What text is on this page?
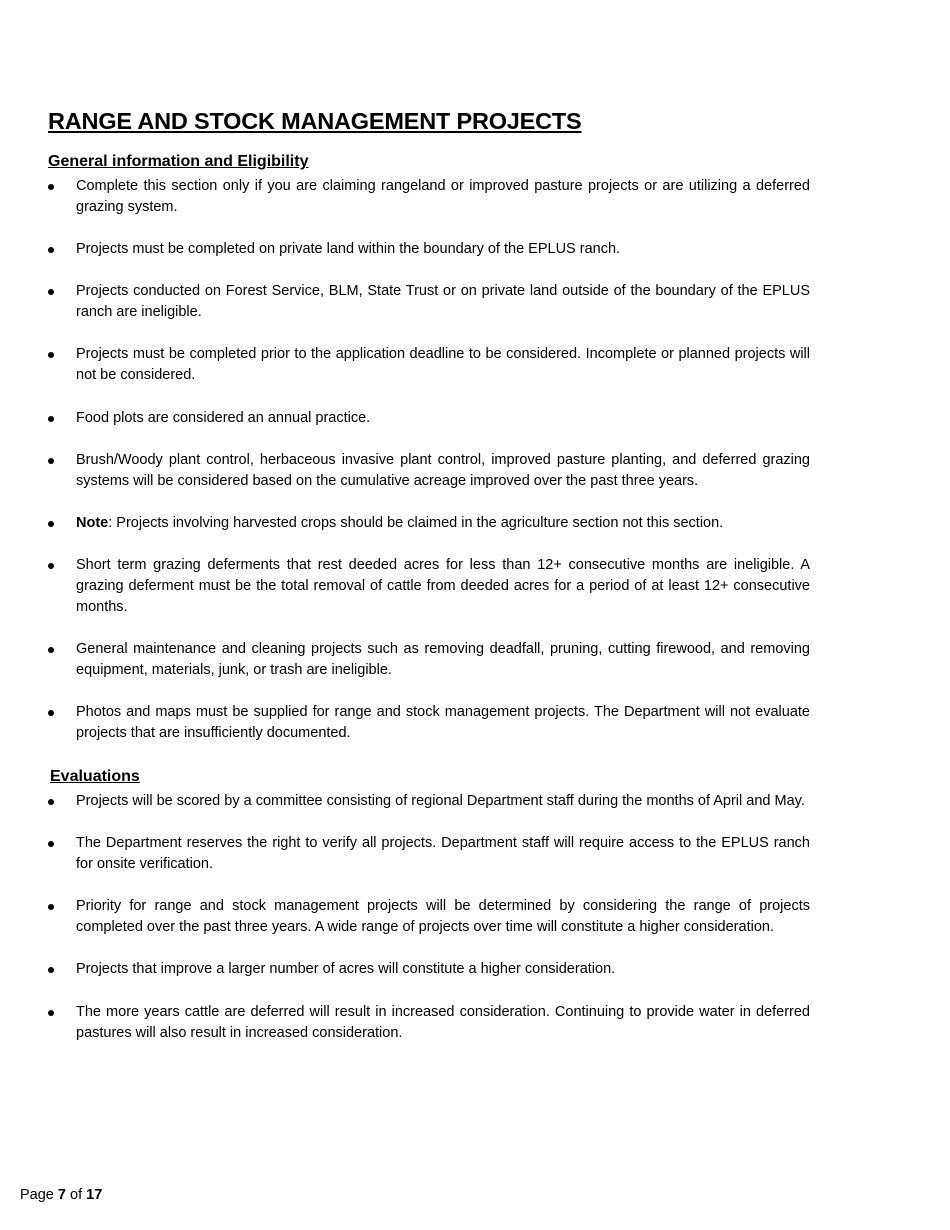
RANGE AND STOCK MANAGEMENT PROJECTS
General information and Eligibility
Complete this section only if you are claiming rangeland or improved pasture projects or are utilizing a deferred grazing system.
Projects must be completed on private land within the boundary of the EPLUS ranch.
Projects conducted on Forest Service, BLM, State Trust or on private land outside of the boundary of the EPLUS ranch are ineligible.
Projects must be completed prior to the application deadline to be considered. Incomplete or planned projects will not be considered.
Food plots are considered an annual practice.
Brush/Woody plant control, herbaceous invasive plant control, improved pasture planting, and deferred grazing systems will be considered based on the cumulative acreage improved over the past three years.
Note: Projects involving harvested crops should be claimed in the agriculture section not this section.
Short term grazing deferments that rest deeded acres for less than 12+ consecutive months are ineligible. A grazing deferment must be the total removal of cattle from deeded acres for a period of at least 12+ consecutive months.
General maintenance and cleaning projects such as removing deadfall, pruning, cutting firewood, and removing equipment, materials, junk, or trash are ineligible.
Photos and maps must be supplied for range and stock management projects. The Department will not evaluate projects that are insufficiently documented.
Evaluations
Projects will be scored by a committee consisting of regional Department staff during the months of April and May.
The Department reserves the right to verify all projects. Department staff will require access to the EPLUS ranch for onsite verification.
Priority for range and stock management projects will be determined by considering the range of projects completed over the past three years. A wide range of projects over time will constitute a higher consideration.
Projects that improve a larger number of acres will constitute a higher consideration.
The more years cattle are deferred will result in increased consideration. Continuing to provide water in deferred pastures will also result in increased consideration.
Page 7 of 17
